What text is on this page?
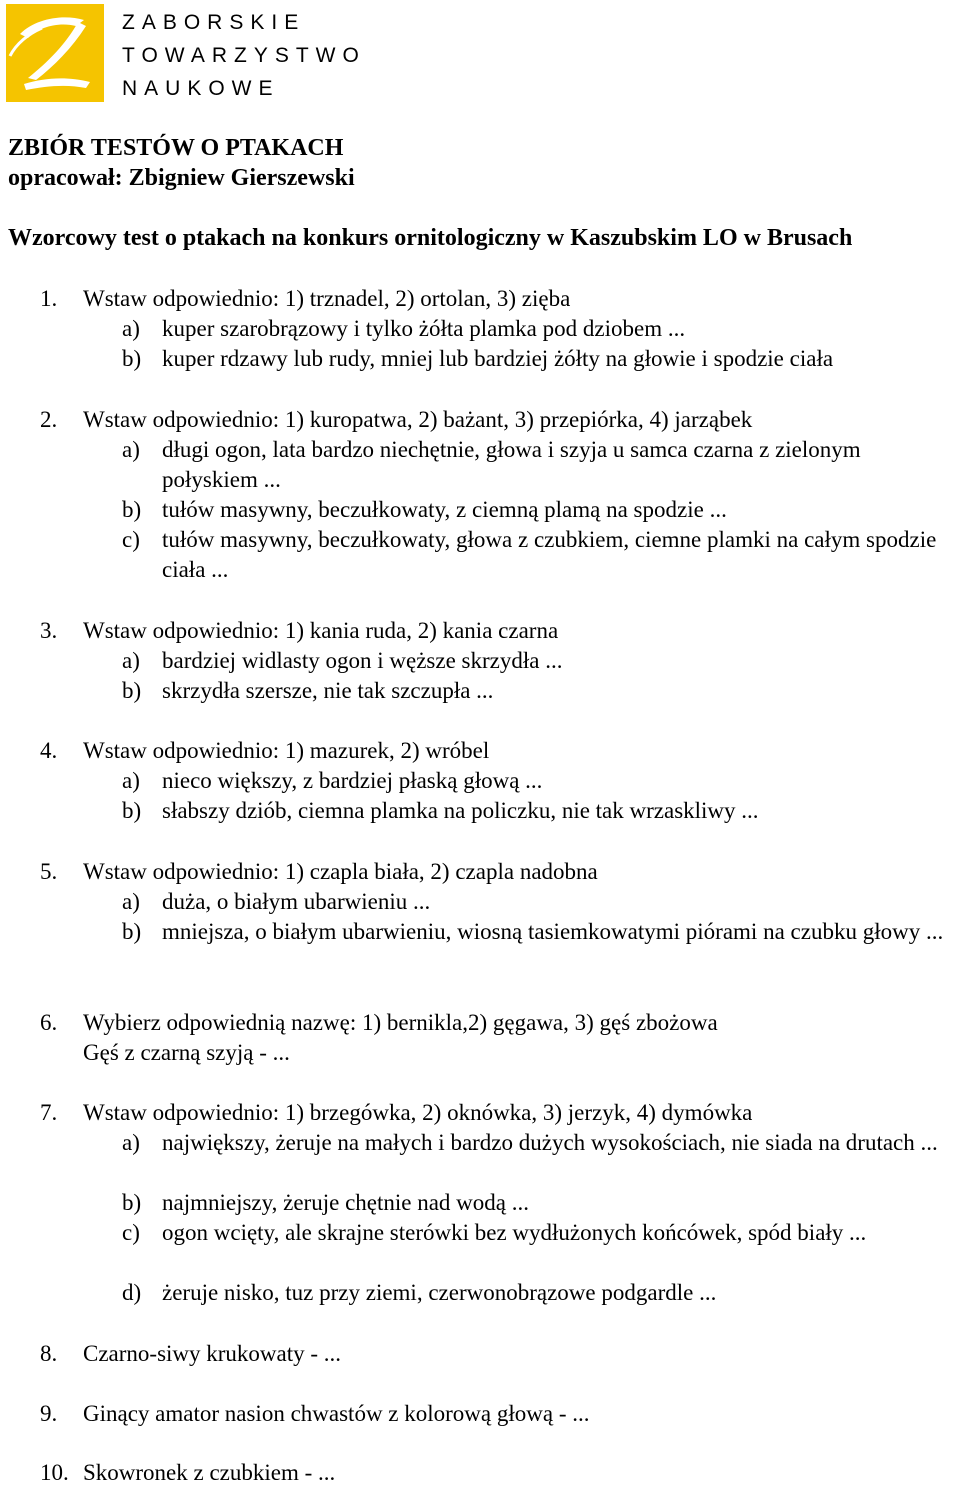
ZABORSKIE
TOWARZYSTWO
NAUKOWE
ZBIÓR TESTÓW O PTAKACH
opracował: Zbigniew Gierszewski
Wzorcowy test o ptakach na konkurs ornitologiczny w Kaszubskim LO w Brusach
1. Wstaw odpowiednio: 1) trznadel, 2) ortolan, 3) zięba
a) kuper szarobrązowy i tylko żółta plamka pod dziobem ...
b) kuper rdzawy lub rudy, mniej lub bardziej żółty na głowie i spodzie ciała
2. Wstaw odpowiednio: 1) kuropatwa, 2) bażant, 3) przepiórka, 4) jarząbek
a) długi ogon, lata bardzo niechętnie, głowa i szyja u samca czarna z zielonym połyskiem ...
b) tułów masywny, beczułkowaty, z ciemną plamą na spodzie ...
c) tułów masywny, beczułkowaty, głowa z czubkiem, ciemne plamki na całym spodzie ciała ...
3. Wstaw odpowiednio: 1) kania ruda, 2) kania czarna
a) bardziej widlasty ogon i węższe skrzydła ...
b) skrzydła szersze, nie tak szczupła ...
4. Wstaw odpowiednio: 1) mazurek, 2) wróbel
a) nieco większy, z bardziej płaską głową ...
b) słabszy dziób, ciemna plamka na policzku, nie tak wrzaskliwy ...
5. Wstaw odpowiednio: 1) czapla biała, 2) czapla nadobna
a) duża, o białym ubarwieniu ...
b) mniejsza, o białym ubarwieniu, wiosną tasiemkowatymi piórami na czubku głowy ...
6. Wybierz odpowiednią nazwę: 1) bernikla,2) gęgawa, 3) gęś zbożowa
Gęś z czarną szyją - ...
7. Wstaw odpowiednio: 1) brzegówka, 2) oknówka, 3) jerzyk, 4) dymówka
a) największy, żeruje na małych i bardzo dużych wysokościach, nie siada na drutach ...
b) najmniejszy, żeruje chętnie nad wodą ...
c) ogon wcięty, ale skrajne sterówki bez wydłużonych końcówek, spód biały ...
d) żeruje nisko, tuz przy ziemi, czerwonobrązowe podgardle ...
8. Czarno-siwy krukowaty - ...
9. Ginący amator nasion chwastów z kolorową głową - ...
10. Skowronek z czubkiem - ...
